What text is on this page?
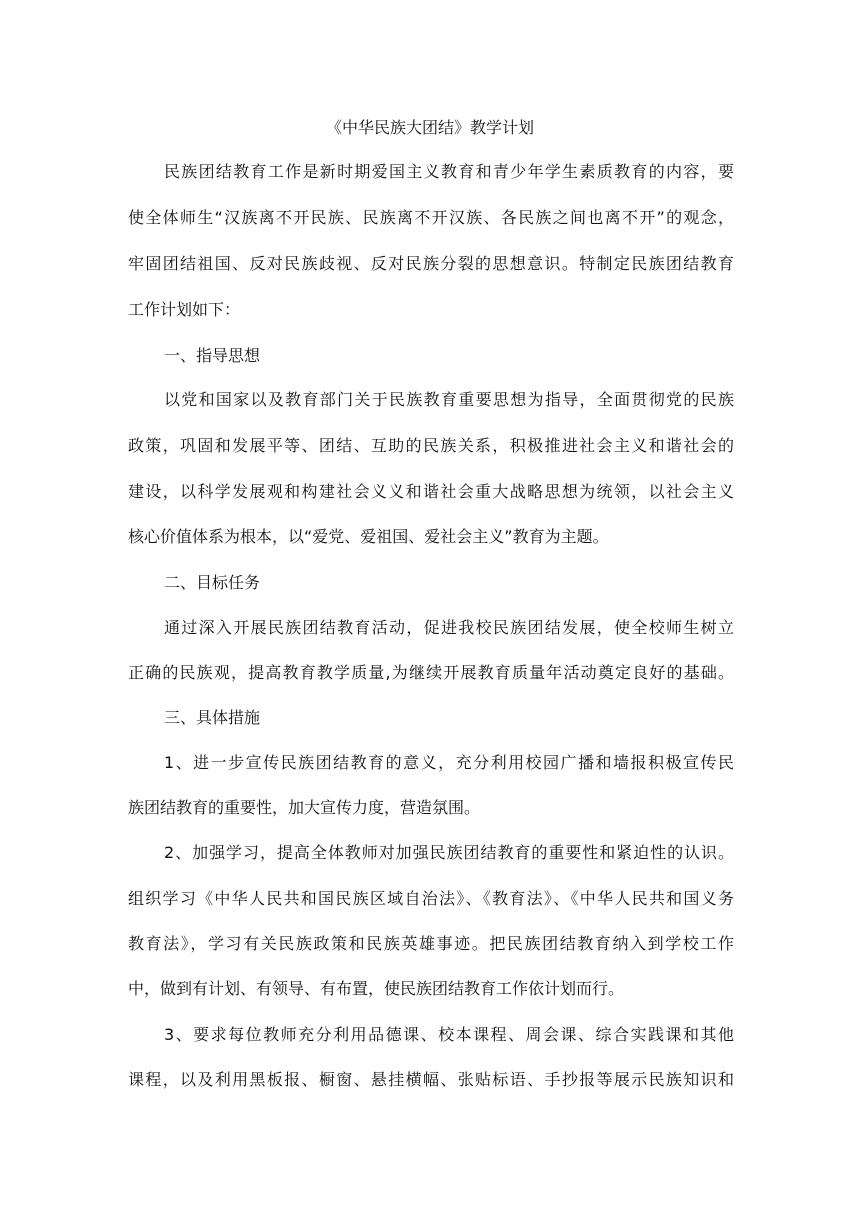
《中华民族大团结》教学计划
民族团结教育工作是新时期爱国主义教育和青少年学生素质教育的内容，要
使全体师生“汉族离不开民族、民族离不开汉族、各民族之间也离不开”的观念，
牢固团结祖国、反对民族歧视、反对民族分裂的思想意识。特制定民族团结教育
工作计划如下：
一、指导思想
以党和国家以及教育部门关于民族教育重要思想为指导，全面贯彻党的民族
政策，巩固和发展平等、团结、互助的民族关系，积极推进社会主义和谐社会的
建设，以科学发展观和构建社会义义和谐社会重大战略思想为统领，以社会主义
核心价值体系为根本，以“爱党、爱祖国、爱社会主义”教育为主题。
二、目标任务
通过深入开展民族团结教育活动，促进我校民族团结发展，使全校师生树立
正确的民族观，提高教育教学质量,为继续开展教育质量年活动奠定良好的基础。
三、具体措施
1、进一步宣传民族团结教育的意义，充分利用校园广播和墙报积极宣传民
族团结教育的重要性，加大宣传力度，营造氛围。
2、加强学习，提高全体教师对加强民族团结教育的重要性和紧迫性的认识。
组织学习《中华人民共和国民族区域自治法》、《教育法》、《中华人民共和国义务
教育法》，学习有关民族政策和民族英雄事迹。把民族团结教育纳入到学校工作
中，做到有计划、有领导、有布置，使民族团结教育工作依计划而行。
3、要求每位教师充分利用品德课、校本课程、周会课、综合实践课和其他
课程，以及利用黑板报、橱窗、悬挂横幅、张贴标语、手抄报等展示民族知识和
